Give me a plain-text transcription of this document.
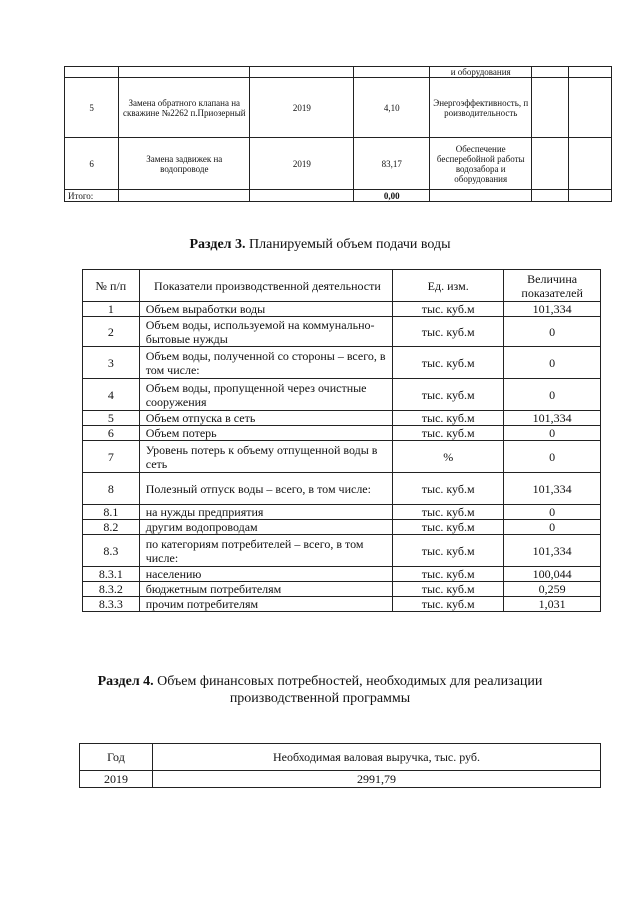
				и оборудования		
5	Замена обратного клапана на скважине №2262 п.Приозерный	2019	4,10	Энергоэффективность, производительность		
6	Замена задвижек на водопроводе	2019	83,17	Обеспечение бесперебойной работы водозабора и оборудования		
Итого:			0,00			
Раздел 3. Планируемый объем подачи воды
№ п/п	Показатели производственной деятельности	Ед. изм.	Величина показателей
1	Объем выработки воды	тыс. куб.м	101,334
2	Объем воды, используемой на коммунально-бытовые нужды	тыс. куб.м	0
3	Объем воды, полученной со стороны – всего, в том числе:	тыс. куб.м	0
4	Объем воды, пропущенной через очистные сооружения	тыс. куб.м	0
5	Объем отпуска в сеть	тыс. куб.м	101,334
6	Объем потерь	тыс. куб.м	0
7	Уровень потерь к объему отпущенной воды в сеть	%	0
8	Полезный отпуск воды – всего, в том числе:	тыс. куб.м	101,334
8.1	на нужды предприятия	тыс. куб.м	0
8.2	другим водопроводам	тыс. куб.м	0
8.3	по категориям потребителей – всего, в том числе:	тыс. куб.м	101,334
8.3.1	населению	тыс. куб.м	100,044
8.3.2	бюджетным потребителям	тыс. куб.м	0,259
8.3.3	прочим потребителям	тыс. куб.м	1,031
Раздел 4. Объем финансовых потребностей, необходимых для реализации
производственной программы
Год	Необходимая валовая выручка, тыс. руб.
2019	2991,79
